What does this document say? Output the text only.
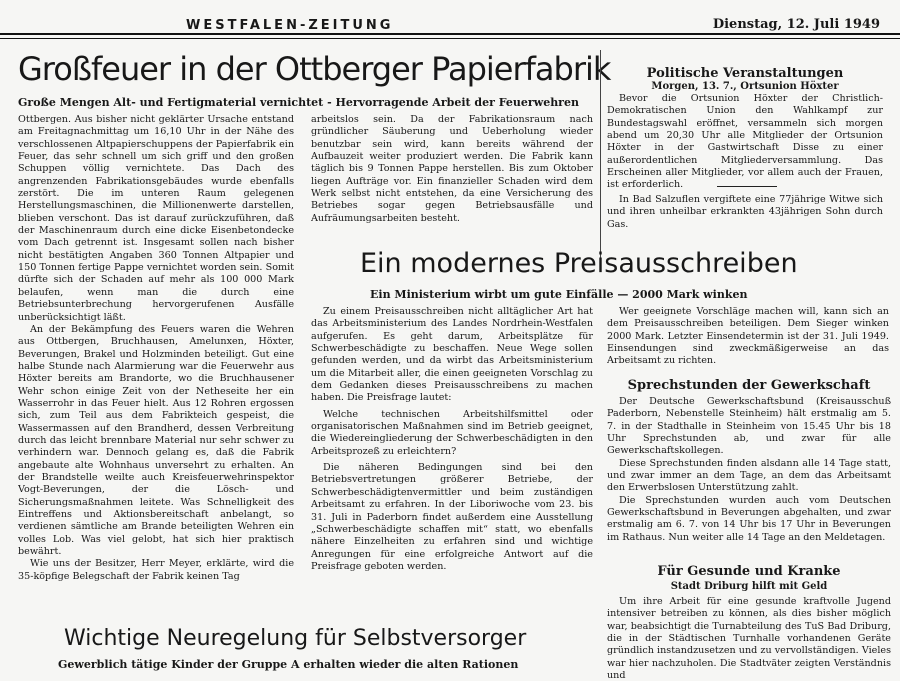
WESTFALEN-ZEITUNG	Dienstag, 12. Juli 1949
Großfeuer in der Ottberger Papierfabrik
Große Mengen Alt- und Fertigmaterial vernichtet - Hervorragende Arbeit der Feuerwehren

Ottbergen. Aus bisher nicht geklärter Ursache entstand am Freitagnachmittag um 16,10 Uhr in der Nähe des verschlossenen Altpapierschuppens der Papierfabrik ein Feuer, das sehr schnell um sich griff und den großen Schuppen völlig vernichtete. Das Dach des angrenzenden Fabrikationsgebäudes wurde ebenfalls zerstört. Die im unteren Raum gelegenen Herstellungsmaschinen, die Millionenwerte darstellen, blieben verschont. Das ist darauf zurückzuführen, daß der Maschinenraum durch eine dicke Eisenbetondecke vom Dach getrennt ist. Insgesamt sollen nach bisher nicht bestätigten Angaben 360 Tonnen Altpapier und 150 Tonnen fertige Pappe vernichtet worden sein. Somit dürfte sich der Schaden auf mehr als 100 000 Mark belaufen, wenn man die durch eine Betriebsunterbrechung hervorgerufenen Ausfälle unberücksichtigt läßt.

An der Bekämpfung des Feuers waren die Wehren aus Ottbergen, Bruchhausen, Amelunxen, Höxter, Beverungen, Brakel und Holzminden beteiligt. Gut eine halbe Stunde nach Alarmierung war die Feuerwehr aus Höxter bereits am Brandorte, wo die Bruchhausener Wehr schon einige Zeit von der Netheseite her ein Wasserrohr in das Feuer hielt. Aus 12 Rohren ergossen sich, zum Teil aus dem Fabrikteich gespeist, die Wassermassen auf den Brandherd, dessen Verbreitung durch das leicht brennbare Material nur sehr schwer zu verhindern war. Dennoch gelang es, daß die Fabrik angebaute alte Wohnhaus unversehrt zu erhalten. An der Brandstelle weilte auch Kreisfeuerwehrinspektor Vogt-Beverungen, der die Lösch- und Sicherungsmaßnahmen leitete. Was Schnelligkeit des Eintreffens und Aktionsbereitschaft anbelangt, so verdienen sämtliche am Brande beteiligten Wehren ein volles Lob. Was viel gelobt, hat sich hier praktisch bewährt.

Wie uns der Besitzer, Herr Meyer, erklärte, wird die 35-köpfige Belegschaft der Fabrik keinen Tag

arbeitslos sein. Da der Fabrikationsraum nach gründlicher Säuberung und Ueberholung wieder benutzbar sein wird, kann bereits während der Aufbauzeit weiter produziert werden. Die Fabrik kann täglich bis 9 Tonnen Pappe herstellen. Bis zum Oktober liegen Aufträge vor. Ein finanzieller Schaden wird dem Werk selbst nicht entstehen, da eine Versicherung des Betriebes sogar gegen Betriebsausfälle und Aufräumungsarbeiten besteht.

Politische Veranstaltungen
Morgen, 13. 7., Ortsunion Höxter

Bevor die Ortsunion Höxter der Christlich-Demokratischen Union den Wahlkampf zur Bundestagswahl eröffnet, versammeln sich morgen abend um 20,30 Uhr alle Mitglieder der Ortsunion Höxter in der Gastwirtschaft Disse zu einer außerordentlichen Mitgliederversammlung. Das Erscheinen aller Mitglieder, vor allem auch der Frauen, ist erforderlich.

In Bad Salzuflen vergiftete eine 77jährige Witwe sich und ihren unheilbar erkrankten 43jährigen Sohn durch Gas.

Ein modernes Preisausschreiben
Ein Ministerium wirbt um gute Einfälle — 2000 Mark winken

Zu einem Preisausschreiben nicht alltäglicher Art hat das Arbeitsministerium des Landes Nordrhein-Westfalen aufgerufen. Es geht darum, Arbeitsplätze für Schwerbeschädigte zu beschaffen. Neue Wege sollen gefunden werden, und da wirbt das Arbeitsministerium um die Mitarbeit aller, die einen geeigneten Vorschlag zu dem Gedanken dieses Preisausschreibens zu machen haben. Die Preisfrage lautet:

Welche technischen Arbeitshilfsmittel oder organisatorischen Maßnahmen sind im Betrieb geeignet, die Wiedereingliederung der Schwerbeschädigten in den Arbeitsprozeß zu erleichtern?

Die näheren Bedingungen sind bei den Betriebsvertretungen größerer Betriebe, der Schwerbeschädigtenvermittler und beim zuständigen Arbeitsamt zu erfahren. In der Liboriwoche vom 23. bis 31. Juli in Paderborn findet außerdem eine Ausstellung „Schwerbeschädigte schaffen mit“ statt, wo ebenfalls nähere Einzelheiten zu erfahren sind und wichtige Anregungen für eine erfolgreiche Antwort auf die Preisfrage geboten werden.

Wer geeignete Vorschläge machen will, kann sich an dem Preisausschreiben beteiligen. Dem Sieger winken 2000 Mark. Letzter Einsendetermin ist der 31. Juli 1949. Einsendungen sind zweckmäßigerweise an das Arbeitsamt zu richten.

Sprechstunden der Gewerkschaft

Der Deutsche Gewerkschaftsbund (Kreisausschuß Paderborn, Nebenstelle Steinheim) hält erstmalig am 5. 7. in der Stadthalle in Steinheim von 15.45 Uhr bis 18 Uhr Sprechstunden ab, und zwar für alle Gewerkschaftskollegen.

Diese Sprechstunden finden alsdann alle 14 Tage statt, und zwar immer an dem Tage, an dem das Arbeitsamt den Erwerbslosen Unterstützung zahlt.

Die Sprechstunden wurden auch vom Deutschen Gewerkschaftsbund in Beverungen abgehalten, und zwar erstmalig am 6. 7. von 14 Uhr bis 17 Uhr in Beverungen im Rathaus. Nun weiter alle 14 Tage an den Meldetagen.

Für Gesunde und Kranke
Stadt Driburg hilft mit Geld

Um ihre Arbeit für eine gesunde kraftvolle Jugend intensiver betreiben zu können, als dies bisher möglich war, beabsichtigt die Turnabteilung des TuS Bad Driburg, die in der Städtischen Turnhalle vorhandenen Geräte gründlich instandzusetzen und zu vervollständigen. Vieles war hier nachzuholen. Die Stadtväter zeigten Verständnis und

Wichtige Neuregelung für Selbstversorger
Gewerblich tätige Kinder der Gruppe A erhalten wieder die alten Rationen
